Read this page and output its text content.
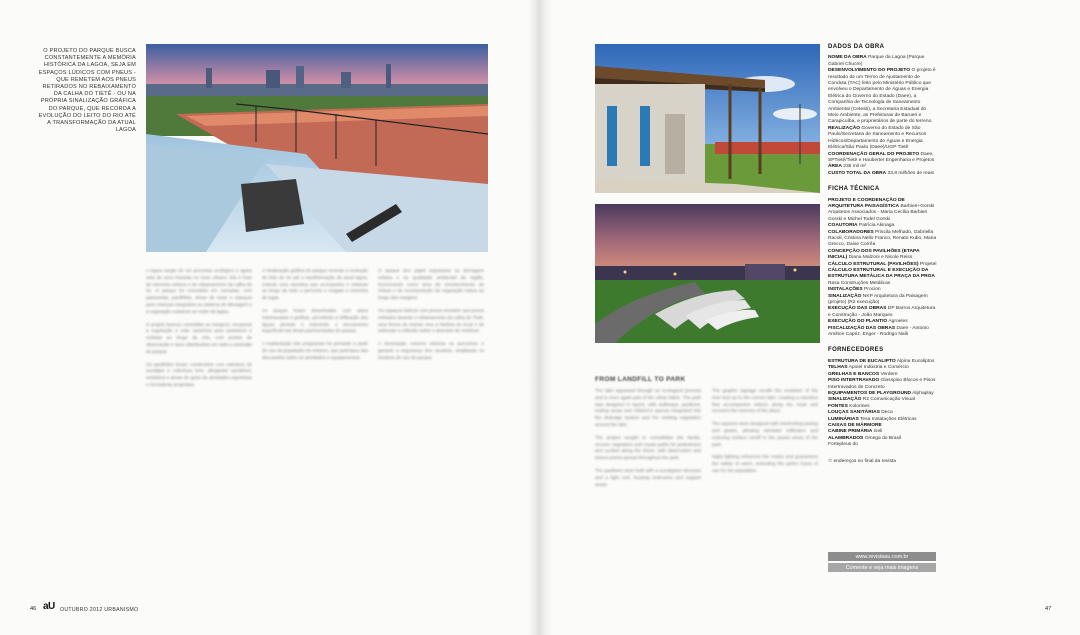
O PROJETO DO PARQUE BUSCA CONSTANTEMENTE A MEMÓRIA HISTÓRICA DA LAGOA, SEJA EM ESPAÇOS LÚDICOS COM PNEUS - QUE REMETEM AOS PNEUS RETIRADOS NO REBAIXAMENTO DA CALHA DO TIETÊ - OU NA PRÓPRIA SINALIZAÇÃO GRÁFICA DO PARQUE, QUE RECORDA A EVOLUÇÃO DO LEITO DO RIO ATÉ A TRANSFORMAÇÃO DA ATUAL LAGOA

A lagoa surgiu de um processo ecológico e agora está de novo inserida no meio urbano. Ela é fruto de memória urbana e do rebaixamento da calha do rio. O parque foi concebido em camadas, com passarelas, pavilhões, áreas de estar e espaços para crianças integrados ao sistema de drenagem e à vegetação existente ao redor da lagoa.

O projeto buscou consolidar as margens, recuperar a vegetação e criar caminhos para pedestres e ciclistas ao longo da orla, com pontos de observação e lazer distribuídos em toda a extensão do parque.

Os pavilhões foram construídos com estrutura de eucalipto e cobertura leve, abrigando sanitários, vestiários e áreas de apoio às atividades esportivas e recreativas propostas.

A sinalização gráfica do parque recorda a evolução do leito do rio até a transformação da atual lagoa, criando uma narrativa que acompanha o visitante ao longo de todo o percurso e resgata a memória do lugar.

As praças foram desenhadas com pisos intertravados e grelhas, permitindo a infiltração das águas pluviais e reduzindo o escoamento superficial nas áreas pavimentadas do parque.

A implantação dos programas foi pensada a partir do uso da população do entorno, que participou das discussões sobre as atividades e equipamentos.

O parque tem papel importante na drenagem urbana e na qualidade ambiental da região, funcionando como área de amortecimento de cheias e de recomposição da vegetação nativa ao longo das margens.

Os espaços lúdicos com pneus remetem aos pneus retirados durante o rebaixamento da calha do Tietê, uma forma de manter viva a história do local e de estimular a reflexão sobre o descarte de resíduos.

A iluminação noturna valoriza os percursos e garante a segurança dos usuários, ampliando os horários de uso do parque.

46 aU OUTUBRO 2012 URBANISMO
FROM LANDFILL TO PARK

The lake appeared through an ecological process and is once again part of the urban fabric. The park was designed in layers, with walkways, pavilions, resting areas and children's spaces integrated into the drainage system and the existing vegetation around the lake.

The project sought to consolidate the banks, recover vegetation and create paths for pedestrians and cyclists along the shore, with observation and leisure points spread throughout the park.

The pavilions were built with a eucalyptus structure and a light roof, housing restrooms and support areas.

The graphic signage recalls the evolution of the river bed up to the current lake, creating a narrative that accompanies visitors along the route and recovers the memory of the place.

The squares were designed with interlocking paving and grates, allowing rainwater infiltration and reducing surface runoff in the paved areas of the park.

Night lighting enhances the routes and guarantees the safety of users, extending the park's hours of use for the population.

DADOS DA OBRA

NOME DA OBRA Parque da Lagoa (Parque Gabriel Chucre)

DESENVOLVIMENTO DO PROJETO O projeto é resultado de um Termo de Ajustamento de Conduta (TAC) feito pelo Ministério Público que envolveu o Departamento de Águas e Energia Elétrica do Governo do Estado (Daee), a Companhia de Tecnologia de Saneamento Ambiental (Cetesb), a Secretaria Estadual do Meio Ambiente, as Prefeituras de Barueri e Carapicuíba, e proprietários de parte do terreno.

REALIZAÇÃO Governo do Estado de São Paulo/Secretaria de Saneamento e Recursos Hídricos/Departamento de Águas e Energia Elétrica/São Paulo (Daee)/UGP Tietê

COORDENAÇÃO GERAL DO PROJETO Daee, SPTietê/Tietê e Hauberter Engenharia e Projetos

ÁREA 235 mil m²

CUSTO TOTAL DA OBRA 33,8 milhões de reais

FICHA TÉCNICA

PROJETO E COORDENAÇÃO DE ARQUITETURA PAISAGÍSTICA Barbieri+Gorski Arquitetos Associados - Maria Cecília Barbieri Gorski e Michel Todel Gorski

COAUTORIA Patrícia Akinaga

COLABORADORES Priscila Melhado, Gabriella Racoli, Cristina Nello Franco, Renato Kubo, Maria Grecco, Daise Corrêa

CONCEPÇÃO DOS PAVILHÕES (ETAPA INICIAL) Diana Malzoni e Nicole Reiss

CÁLCULO ESTRUTURAL (PAVILHÕES) Projetel

CÁLCULO ESTRUTURAL E EXECUÇÃO DA ESTRUTURA METÁLICA DA PRAÇA DA PROA Rasa Construções Metálicas

INSTALAÇÕES Procion

SINALIZAÇÃO NKP Arquitetura da Paisagem (projeto) (R2 execução)

EXECUÇÃO DAS OBRAS DP Barros Arquitetura e Construção - João Marques

EXECUÇÃO DO PLANTIO Agroeles

FISCALIZAÇÃO DAS OBRAS Daee - Antonio Amilton Capriz. Enger - Rodrigo Nalli

FORNECEDORES

ESTRUTURA DE EUCALIPTO Alpina Eucaliptos

TELHAS Apoiel Indústria e Comércio

GRELHAS E BANCOS Verdere

PISO INTERTRAVADO Glasspiso Blocos e Pisos Intertravados de Concreto

EQUIPAMENTOS DE PLAYGROUND Alphaplay

SINALIZAÇÃO R2 Comunicação Visual

FONTES Kolorines

LOUÇAS SANITÁRIAS Deca

LUMINÁRIAS Tesa Instalações Elétricas

CAIXAS DE MÁRMORE

CABINE PRIMÁRIA Geli

ALAMBRADOS Omega do Brasil

Fortepleus do

✩ endereços no final da revista
www.revistaau.com.br
Comente e veja mais imagens
47
